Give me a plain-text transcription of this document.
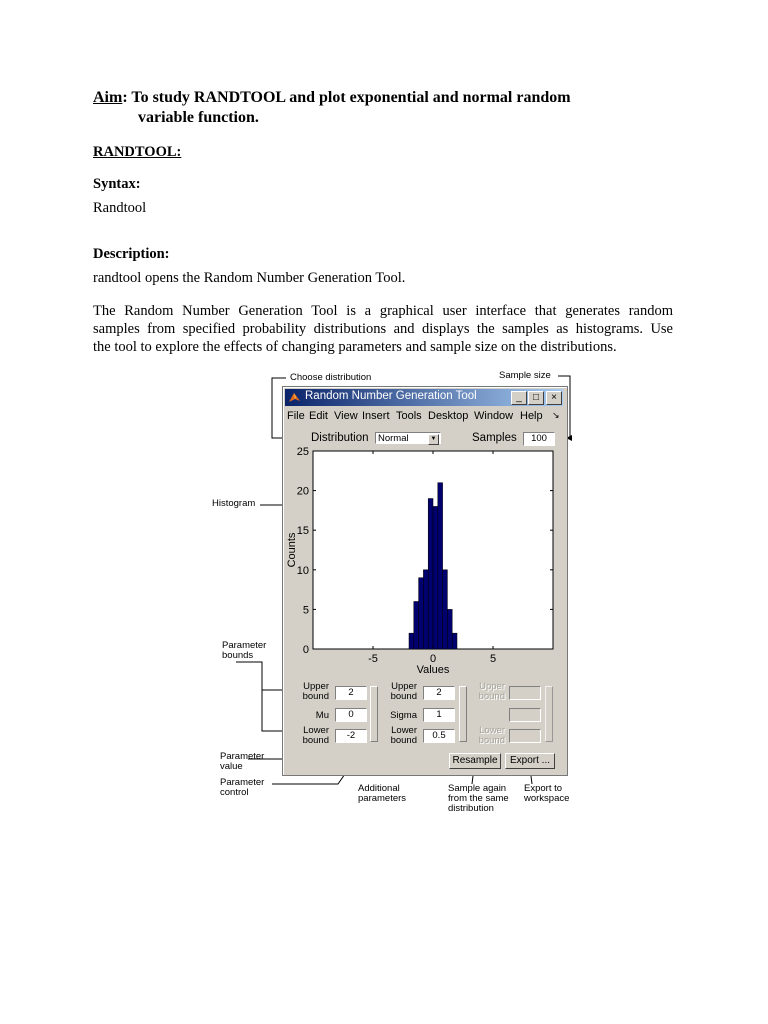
Aim: To study RANDTOOL and plot exponential and normal random
variable function.
RANDTOOL:
Syntax:
Randtool
Description:
randtool opens the Random Number Generation Tool.
The Random Number Generation Tool is a graphical user interface that generates random
samples from specified probability distributions and displays the samples as histograms. Use
the tool to explore the effects of changing parameters and sample size on the distributions.
Choose distribution	Sample size
Histogram
Parameter
bounds
Parameter
value
Parameter
control	Additional
parameters
Sample again
from the same
distribution
Export to
workspace
Random Number Generation Tool	_	□	×
File Edit View Insert Tools Desktop Window Help ↘
Distribution Normal	▼	Samples	100
0
5
10
15
20
25
-5	0	5
Values
Counts
Upper
bound	2
Mu	0
Lower
bound	-2
Upper
bound	2
Sigma	1
Lower
bound	0.5
Upper
bound
Lower
bound
Resample	Export ...
